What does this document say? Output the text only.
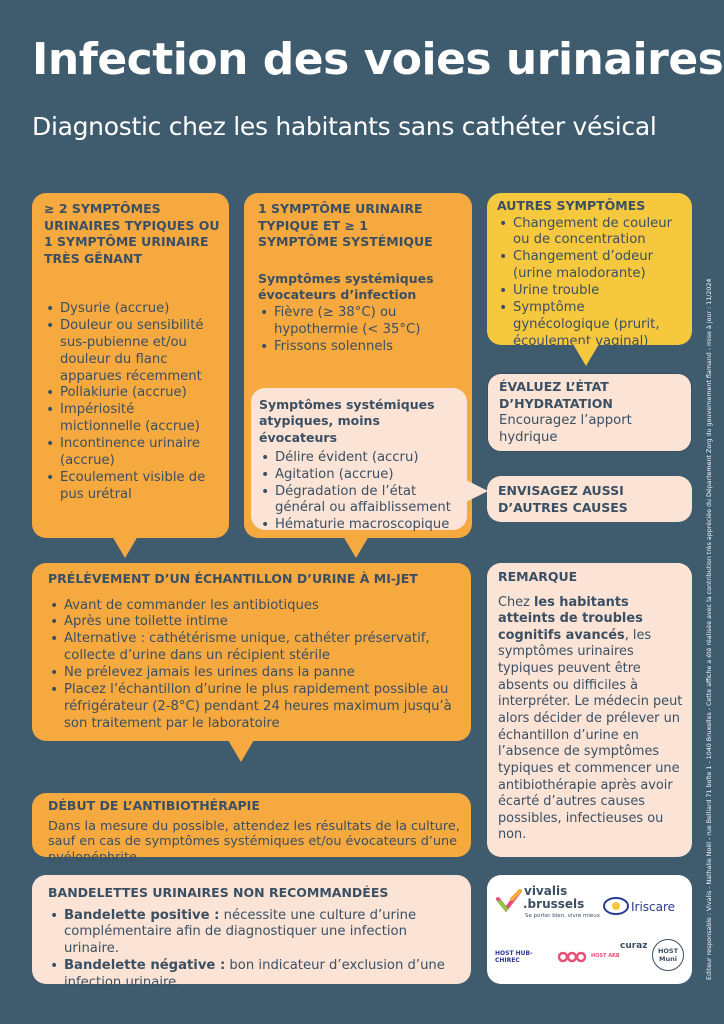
Infection des voies urinaires
Diagnostic chez les habitants sans cathéter vésical
≥ 2 SYMPTÔMES URINAIRES TYPIQUES OU 1 SYMPTÔME URINAIRE TRÈS GÊNANT
• Dysurie (accrue)
• Douleur ou sensibilité sus-pubienne et/ou douleur du flanc apparues récemment
• Pollakiurie (accrue)
• Impériosité mictionnelle (accrue)
• Incontinence urinaire (accrue)
• Ecoulement visible de pus urétral
1 SYMPTÔME URINAIRE TYPIQUE ET ≥ 1 SYMPTÔME SYSTÉMIQUE
Symptômes systémiques évocateurs d’infection
• Fièvre (≥ 38°C) ou hypothermie (< 35°C)
• Frissons solennels
Symptômes systémiques atypiques, moins évocateurs
• Délire évident (accru)
• Agitation (accrue)
• Dégradation de l’état général ou affaiblissement
• Hématurie macroscopique
AUTRES SYMPTÔMES
• Changement de couleur ou de concentration
• Changement d’odeur (urine malodorante)
• Urine trouble
• Symptôme gynécologique (prurit, écoulement vaginal)
ÉVALUEZ L’ÉTAT D’HYDRATATION

Encouragez l’apport hydrique

ENVISAGEZ AUSSI D’AUTRES CAUSES
PRÉLÈVEMENT D’UN ÉCHANTILLON D’URINE À MI-JET
• Avant de commander les antibiotiques
• Après une toilette intime
• Alternative : cathétérisme unique, cathéter préservatif, collecte d’urine dans un récipient stérile
• Ne prélevez jamais les urines dans la panne
• Placez l’échantillon d’urine le plus rapidement possible au réfrigérateur (2-8°C) pendant 24 heures maximum jusqu’à son traitement par le laboratoire
DÉBUT DE L’ANTIBIOTHÉRAPIE

Dans la mesure du possible, attendez les résultats de la culture, sauf en cas de symptômes systémiques et/ou évocateurs d’une pyélonéphrite.

REMARQUE

Chez les habitants atteints de troubles cognitifs avancés, les symptômes urinaires typiques peuvent être absents ou difficiles à interpréter. Le médecin peut alors décider de prélever un échantillon d’urine en l’absence de symptômes typiques et commencer une antibiothérapie après avoir écarté d’autres causes possibles, infectieuses ou non.

BANDELETTES URINAIRES NON RECOMMANDÉES
• Bandelette positive : nécessite une culture d’urine complémentaire afin de diagnostiquer une infection urinaire.
• Bandelette négative : bon indicateur d’exclusion d’une infection urinaire.
vivalis
.brussels
Se porter bien, vivre mieux
Iriscare
HOST HUB-CHIREC
HOST AKB
curaz	HOST Muni	Éditeur responsable : Vivalis - Nathalie Noël - rue Belliard 71 boîte 1 - 1040 Bruxelles - Cette affiche a été réalisée avec la contribution très appréciée du Département Zorg du gouvernement flamand - mise à jour : 11/2024
